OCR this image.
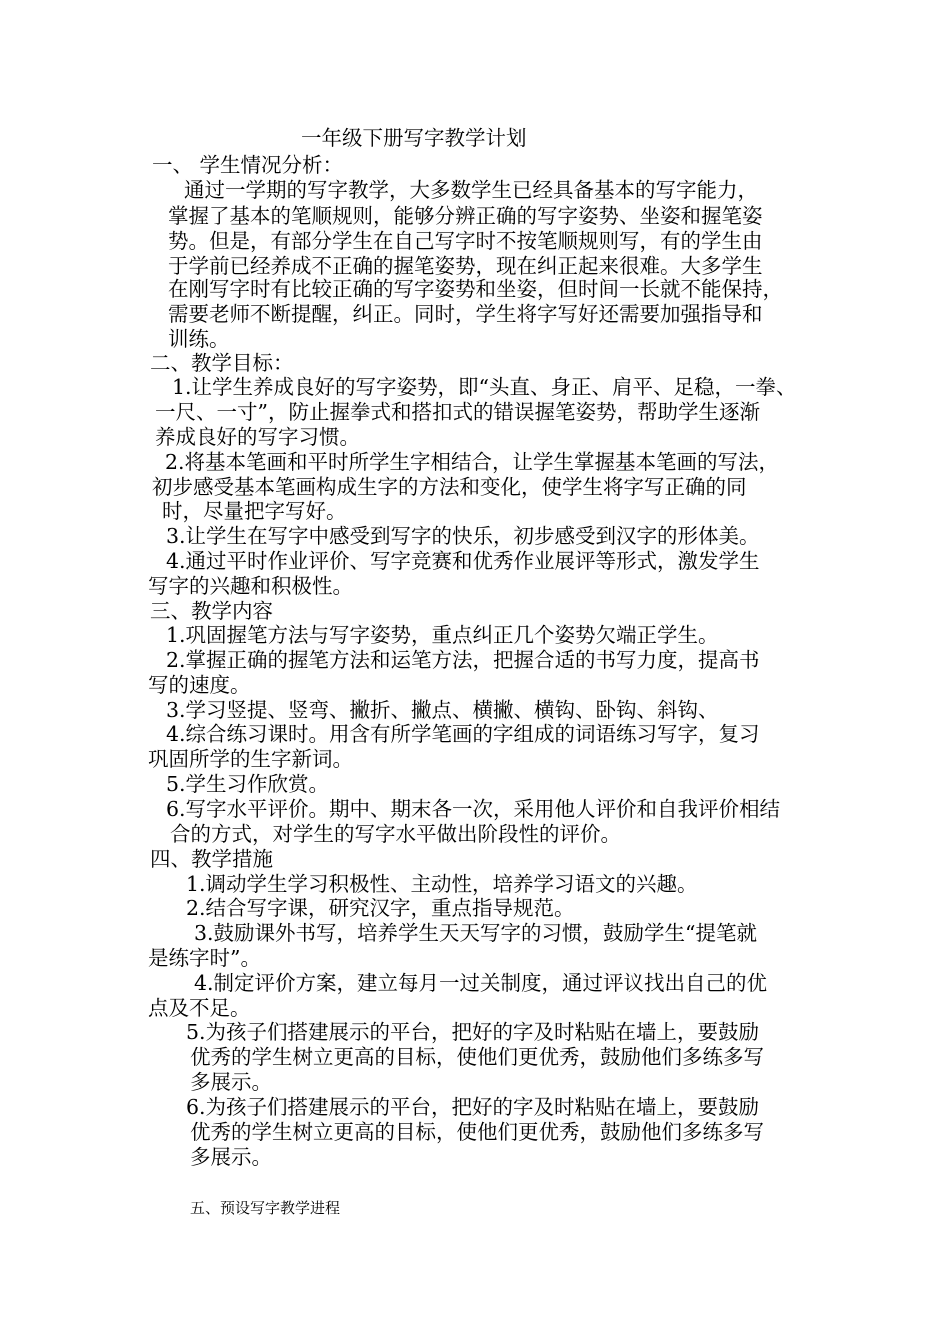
一年级下册写字教学计划

一、 学生情况分析：

通过一学期的写字教学，大多数学生已经具备基本的写字能力，

掌握了基本的笔顺规则，能够分辨正确的写字姿势、坐姿和握笔姿

势。但是，有部分学生在自己写字时不按笔顺规则写，有的学生由

于学前已经养成不正确的握笔姿势，现在纠正起来很难。大多学生

在刚写字时有比较正确的写字姿势和坐姿，但时间一长就不能保持，

需要老师不断提醒，纠正。同时，学生将字写好还需要加强指导和

训练。

二、教学目标：

1.让学生养成良好的写字姿势，即“头直、身正、肩平、足稳，一拳、

一尺、一寸”，防止握拳式和搭扣式的错误握笔姿势，帮助学生逐渐

养成良好的写字习惯。

2.将基本笔画和平时所学生字相结合，让学生掌握基本笔画的写法，

初步感受基本笔画构成生字的方法和变化，使学生将字写正确的同

时，尽量把字写好。

3.让学生在写字中感受到写字的快乐，初步感受到汉字的形体美。

4.通过平时作业评价、写字竞赛和优秀作业展评等形式，激发学生

写字的兴趣和积极性。

三、教学内容

1.巩固握笔方法与写字姿势，重点纠正几个姿势欠端正学生。

2.掌握正确的握笔方法和运笔方法，把握合适的书写力度，提高书

写的速度。

3.学习竖提、竖弯、撇折、撇点、横撇、横钩、卧钩、斜钩、

4.综合练习课时。用含有所学笔画的字组成的词语练习写字，复习

巩固所学的生字新词。

5.学生习作欣赏。

6.写字水平评价。期中、期末各一次，采用他人评价和自我评价相结

合的方式，对学生的写字水平做出阶段性的评价。

四、教学措施

1.调动学生学习积极性、主动性，培养学习语文的兴趣。

2.结合写字课，研究汉字，重点指导规范。

3.鼓励课外书写，培养学生天天写字的习惯，鼓励学生“提笔就

是练字时”。

4.制定评价方案，建立每月一过关制度，通过评议找出自己的优

点及不足。

5.为孩子们搭建展示的平台，把好的字及时粘贴在墙上，要鼓励

优秀的学生树立更高的目标，使他们更优秀，鼓励他们多练多写

多展示。

6.为孩子们搭建展示的平台，把好的字及时粘贴在墙上，要鼓励

优秀的学生树立更高的目标，使他们更优秀，鼓励他们多练多写

多展示。

五、预设写字教学进程
